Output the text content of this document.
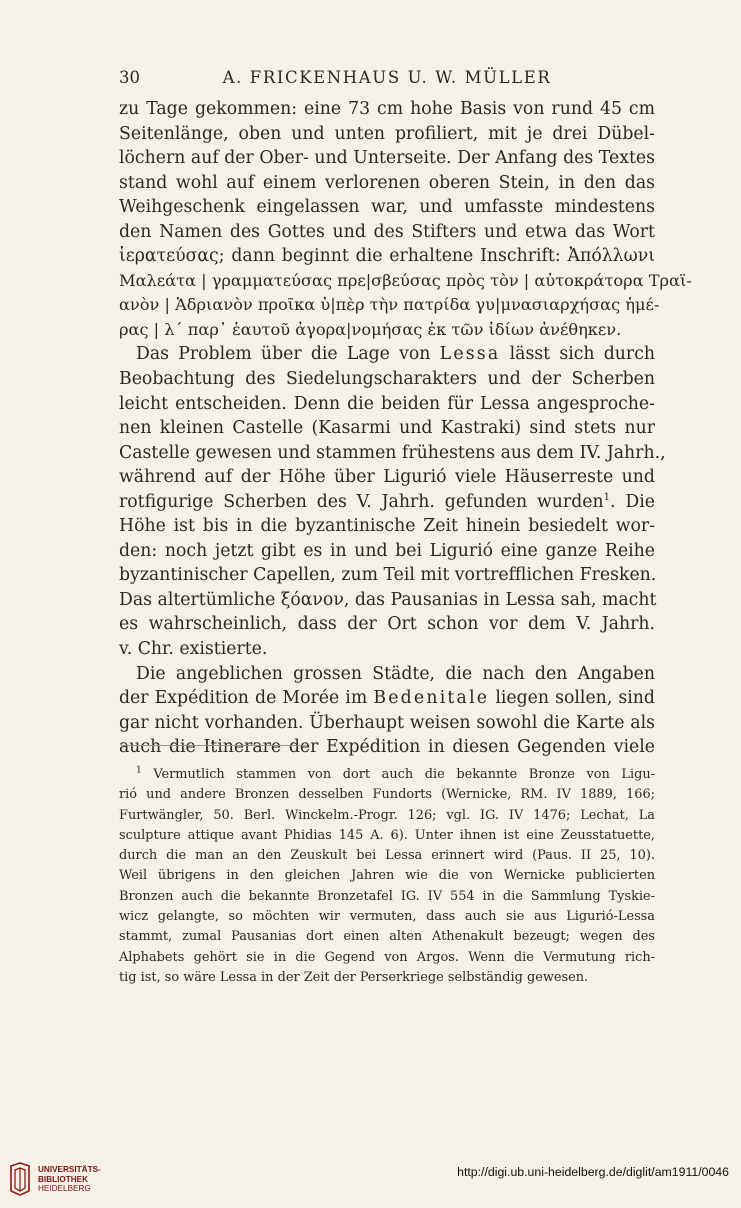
30	A. FRICKENHAUS U. W. MÜLLER
zu Tage gekommen: eine 73 cm hohe Basis von rund 45 cm
Seitenlänge, oben und unten profiliert, mit je drei Dübel-
löchern auf der Ober- und Unterseite. Der Anfang des Textes
stand wohl auf einem verlorenen oberen Stein, in den das
Weihgeschenk eingelassen war, und umfasste mindestens
den Namen des Gottes und des Stifters und etwa das Wort
ἱερατεύσας; dann beginnt die erhaltene Inschrift: Ἀπόλλωνι
Μαλεάτα | γραμματεύσας πρε|σβεύσας πρὸς τὸν | αὐτοκράτορα Τραϊ-
ανὸν | Ἁδριανὸν προῖκα ὑ|πὲρ τὴν πατρίδα γυ|μνασιαρχήσας ἡμέ-
ρας | λ´ παρ᾽ ἑαυτοῦ ἀγορα|νομήσας ἐκ τῶν ἰδίων ἀνέθηκεν.
Das Problem über die Lage von Lessa lässt sich durch
Beobachtung des Siedelungscharakters und der Scherben
leicht entscheiden. Denn die beiden für Lessa angesproche-
nen kleinen Castelle (Kasarmi und Kastraki) sind stets nur
Castelle gewesen und stammen frühestens aus dem IV. Jahrh.,
während auf der Höhe über Ligurió viele Häuserreste und
rotfigurige Scherben des V. Jahrh. gefunden wurden$^1$. Die
Höhe ist bis in die byzantinische Zeit hinein besiedelt wor-
den: noch jetzt gibt es in und bei Ligurió eine ganze Reihe
byzantinischer Capellen, zum Teil mit vortrefflichen Fresken.
Das altertümliche ξόανον, das Pausanias in Lessa sah, macht
es wahrscheinlich, dass der Ort schon vor dem V. Jahrh.
v. Chr. existierte.
Die angeblichen grossen Städte, die nach den Angaben
der Expédition de Morée im Bedenitale liegen sollen, sind
gar nicht vorhanden. Überhaupt weisen sowohl die Karte als
auch die Itinerare der Expédition in diesen Gegenden viele
$^1$ Vermutlich stammen von dort auch die bekannte Bronze von Ligu-
rió und andere Bronzen desselben Fundorts (Wernicke, RM. IV 1889, 166;
Furtwängler, 50. Berl. Winckelm.-Progr. 126; vgl. IG. IV 1476; Lechat, La
sculpture attique avant Phidias 145 A. 6). Unter ihnen ist eine Zeusstatuette,
durch die man an den Zeuskult bei Lessa erinnert wird (Paus. II 25, 10).
Weil übrigens in den gleichen Jahren wie die von Wernicke publicierten
Bronzen auch die bekannte Bronzetafel IG. IV 554 in die Sammlung Tyskie-
wicz gelangte, so möchten wir vermuten, dass auch sie aus Ligurió-Lessa
stammt, zumal Pausanias dort einen alten Athenakult bezeugt; wegen des
Alphabets gehört sie in die Gegend von Argos. Wenn die Vermutung rich-
tig ist, so wäre Lessa in der Zeit der Perserkriege selbständig gewesen.
UNIVERSITÄTS-
BIBLIOTHEK
HEIDELBERG
http://digi.ub.uni-heidelberg.de/diglit/am1911/0046
